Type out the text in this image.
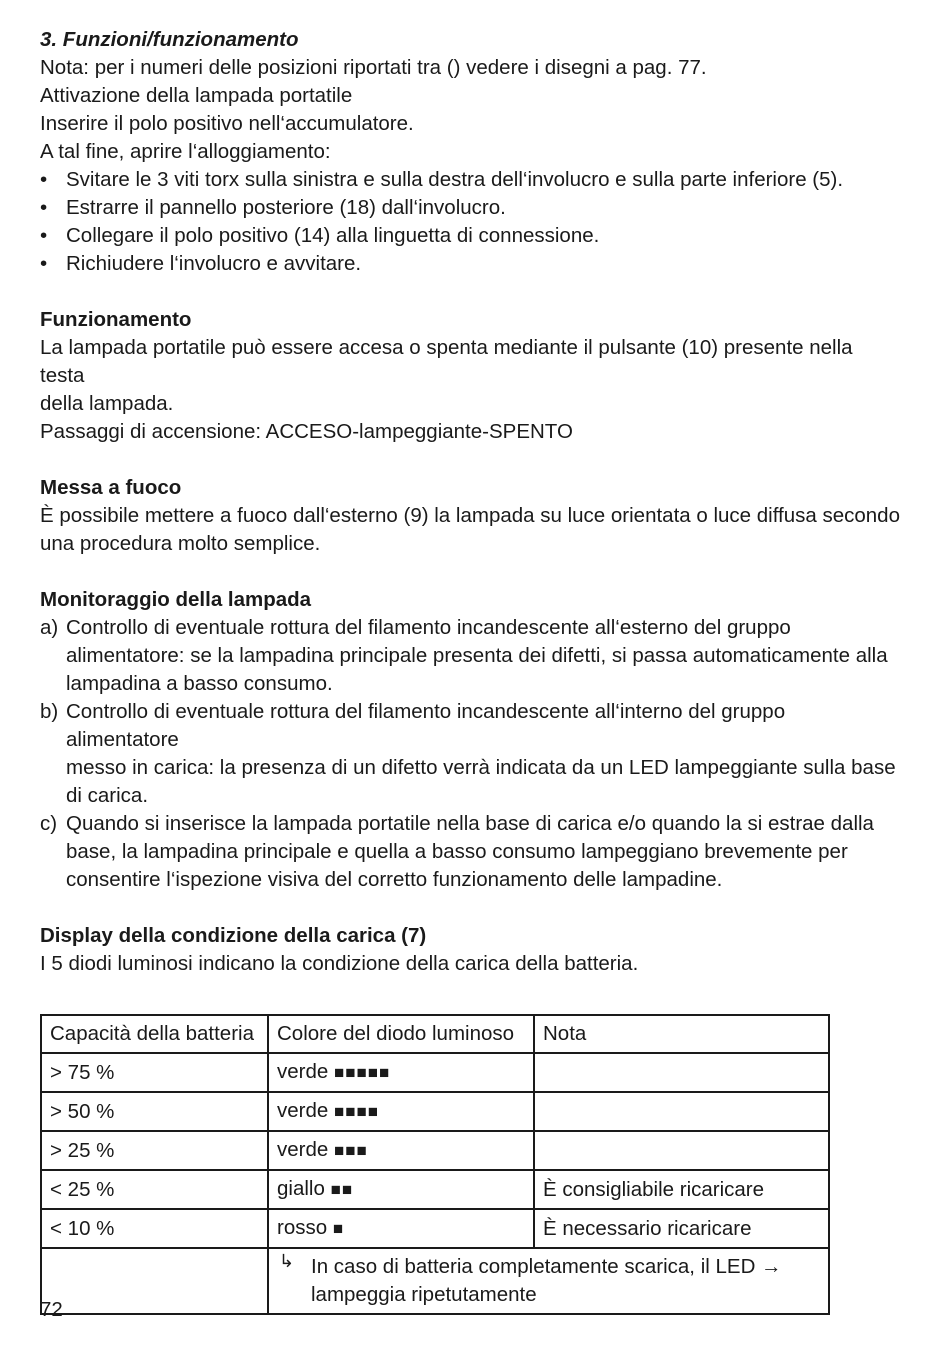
3. Funzioni/funzionamento

Nota: per i numeri delle posizioni riportati tra () vedere i disegni a pag. 77.

Attivazione della lampada portatile

Inserire il polo positivo nell‘accumulatore.

A tal fine, aprire l‘alloggiamento:

• Svitare le 3 viti torx sulla sinistra e sulla destra dell‘involucro e sulla parte inferiore (5).
• Estrarre il pannello posteriore (18) dall‘involucro.
• Collegare il polo positivo (14) alla linguetta di connessione.
• Richiudere l‘involucro e avvitare.
Funzionamento

La lampada portatile può essere accesa o spenta mediante il pulsante (10) presente nella testa

della lampada.

Passaggi di accensione: ACCESO-lampeggiante-SPENTO

Messa a fuoco

È possibile mettere a fuoco dall‘esterno (9) la lampada su luce orientata o luce diffusa secondo

una procedura molto semplice.

Monitoraggio della lampada
a) Controllo di eventuale rottura del filamento incandescente all‘esterno del gruppo
alimentatore: se la lampadina principale presenta dei difetti, si passa automaticamente alla
lampadina a basso consumo.
b) Controllo di eventuale rottura del filamento incandescente all‘interno del gruppo alimentatore
messo in carica: la presenza di un difetto verrà indicata da un LED lampeggiante sulla base
di carica.
c) Quando si inserisce la lampada portatile nella base di carica e/o quando la si estrae dalla
base, la lampadina principale e quella a basso consumo lampeggiano brevemente per
consentire l‘ispezione visiva del corretto funzionamento delle lampadine.
Display della condizione della carica (7)

I 5 diodi luminosi indicano la condizione della carica della batteria.

Capacità della batteria	Colore del diodo luminoso	Nota
> 75 %	verde ■■■■■	
> 50 %	verde ■■■■	
> 25 %	verde ■■■	
< 25 %	giallo ■■	È consigliabile ricaricare
< 10 %	rosso ■	È necessario ricaricare

	↳ In caso di batteria completamente scarica, il LED →
lampeggia ripetutamente	
72
